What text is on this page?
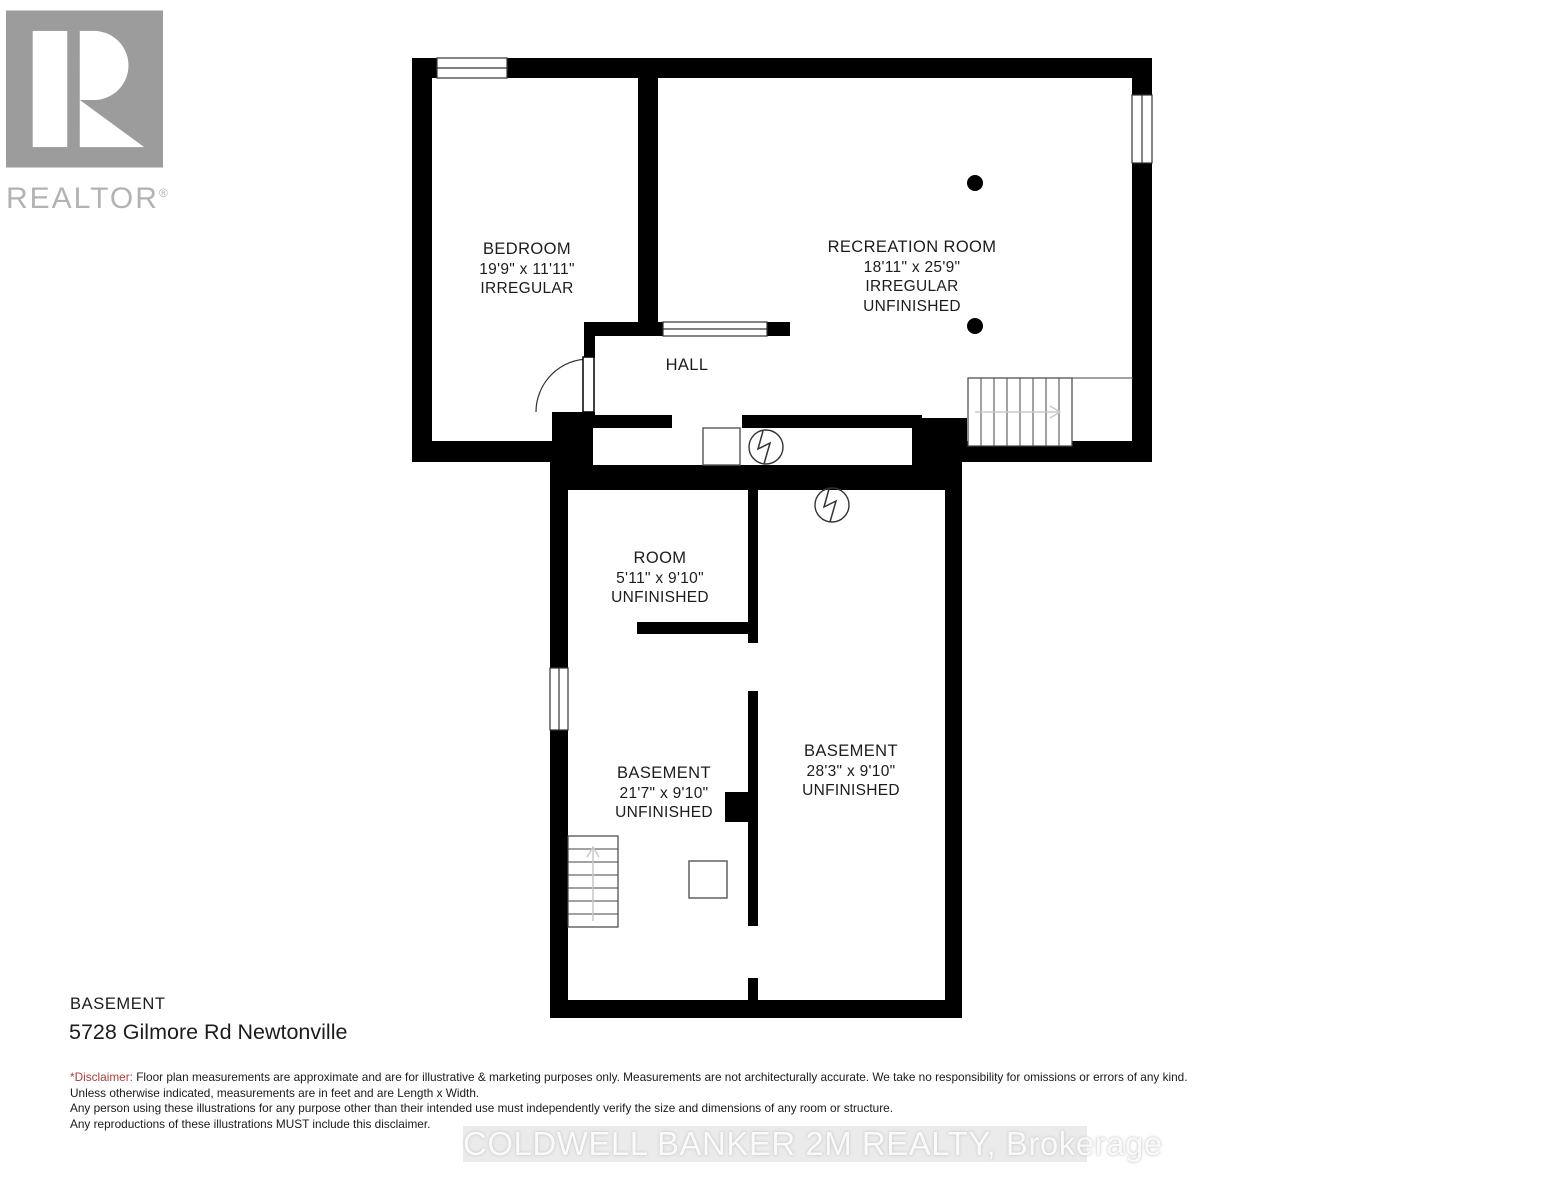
REALTOR®
BEDROOM
19'9" x 11'11"
IRREGULAR
RECREATION ROOM
18'11" x 25'9"
IRREGULAR
UNFINISHED
HALL
ROOM
5'11" x 9'10"
UNFINISHED
BASEMENT
21'7" x 9'10"
UNFINISHED
BASEMENT
28'3" x 9'10"
UNFINISHED
BASEMENT
5728 Gilmore Rd Newtonville
*Disclaimer: Floor plan measurements are approximate and are for illustrative & marketing purposes only. Measurements are not architecturally accurate. We take no responsibility for omissions or errors of any kind.
Unless otherwise indicated, measurements are in feet and are Length x Width.
Any person using these illustrations for any purpose other than their intended use must independently verify the size and dimensions of any room or structure.
Any reproductions of these illustrations MUST include this disclaimer.
COLDWELL BANKER 2M REALTY, Brokerage
